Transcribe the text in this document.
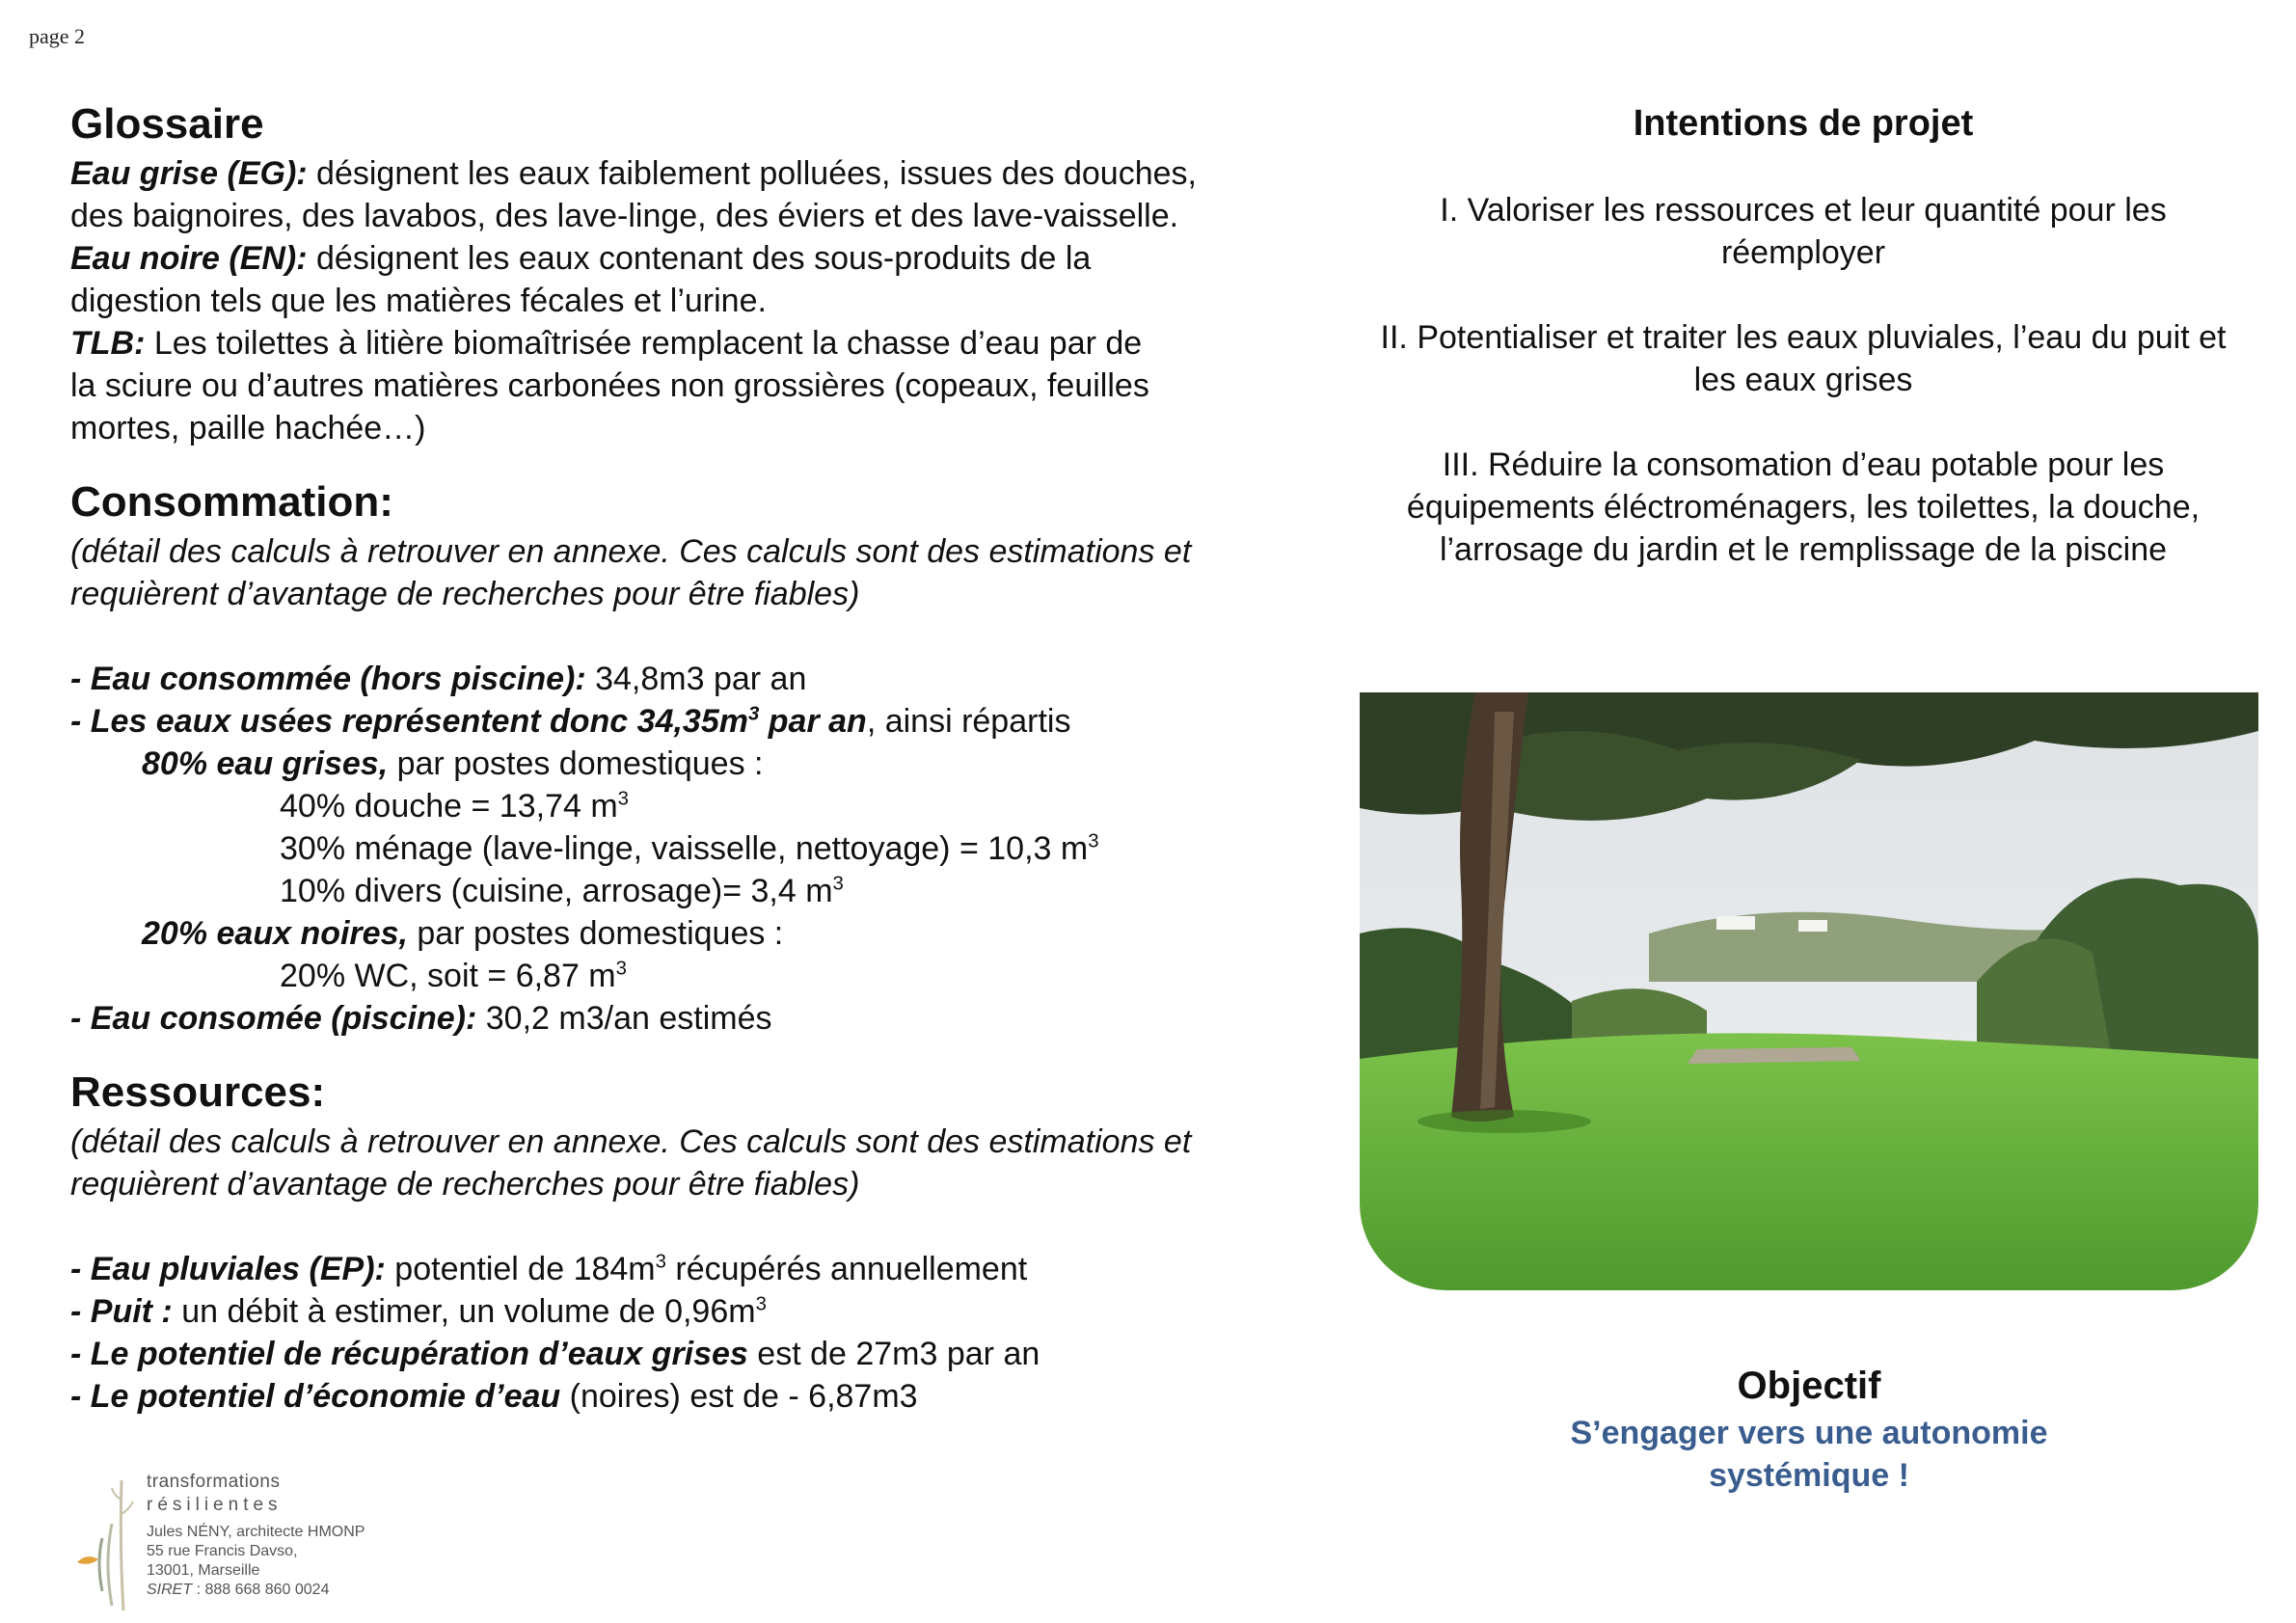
page 2
Glossaire

Eau grise (EG): désignent les eaux faiblement polluées, issues des douches,

des baignoires, des lavabos, des lave-linge, des éviers et des lave-vaisselle.

Eau noire (EN): désignent les eaux contenant des sous-produits de la

digestion tels que les matières fécales et l’urine.

TLB: Les toilettes à litière biomaîtrisée remplacent la chasse d’eau par de

la sciure ou d’autres matières carbonées non grossières (copeaux, feuilles

mortes, paille hachée…)

Consommation:

(détail des calculs à retrouver en annexe. Ces calculs sont des estimations et

requièrent d’avantage de recherches pour être fiables)

- Eau consommée (hors piscine): 34,8m3 par an

- Les eaux usées représentent donc $34,35m^3$ par an, ainsi répartis

80% eau grises, par postes domestiques :

40% douche = 13,74 $m^3$

30% ménage (lave-linge, vaisselle, nettoyage) = 10,3 $m^3$

10% divers (cuisine, arrosage)= 3,4 $m^3$

20% eaux noires, par postes domestiques :

20% WC, soit = 6,87 $m^3$

- Eau consomée (piscine): 30,2 m3/an estimés

Ressources:

(détail des calculs à retrouver en annexe. Ces calculs sont des estimations et

requièrent d’avantage de recherches pour être fiables)

- Eau pluviales (EP): potentiel de $184m^3$ récupérés annuellement

- Puit : un débit à estimer, un volume de $0,96m^3$

- Le potentiel de récupération d’eaux grises est de 27m3 par an

- Le potentiel d’économie d’eau (noires) est de - 6,87m3

Intentions de projet

I. Valoriser les ressources et leur quantité pour les réemployer

II. Potentialiser et traiter les eaux pluviales, l’eau du puit et les eaux grises

III. Réduire la consomation d’eau potable pour les équipements éléctroménagers, les toilettes, la douche, l’arrosage du jardin et le remplissage de la piscine

Objectif
S’engager vers une autonomie
systémique !
transformations
résilientes
Jules NÉNY, architecte HMONP
55 rue Francis Davso,
13001, Marseille
SIRET : 888 668 860 0024
